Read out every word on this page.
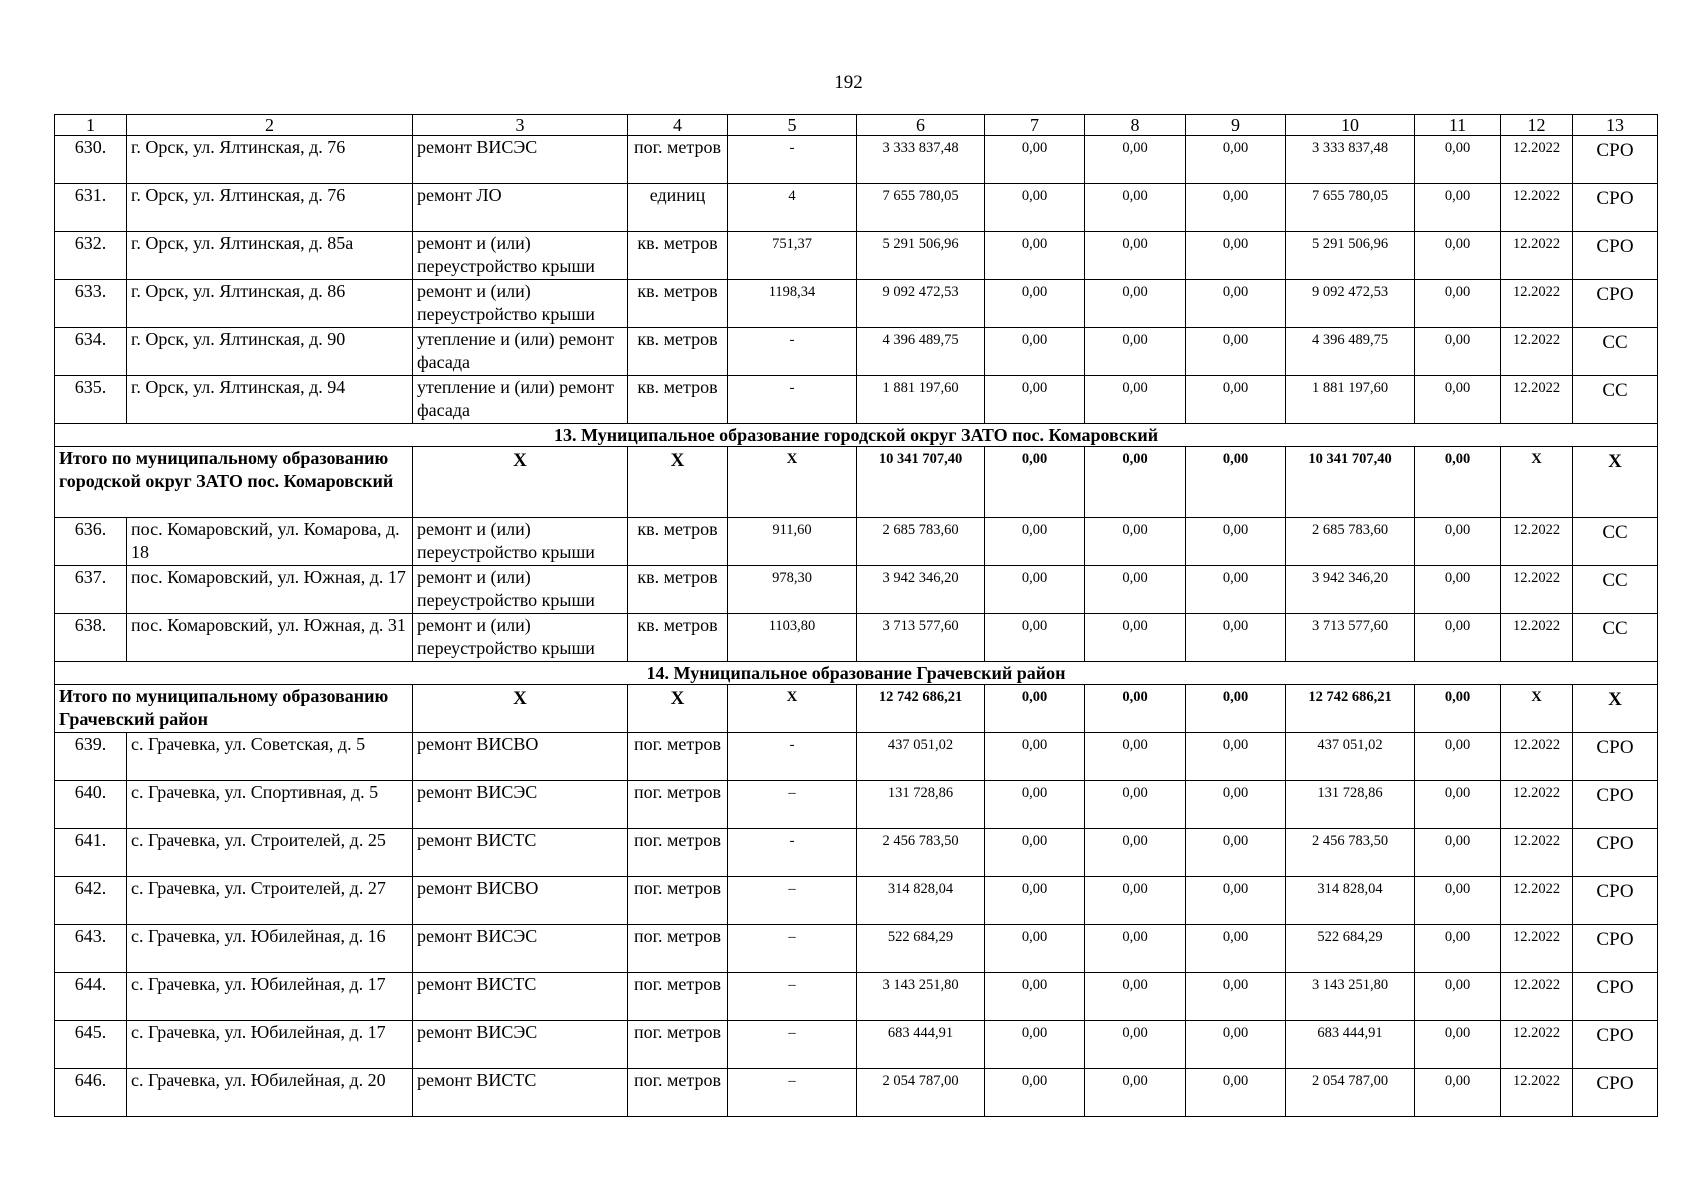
192
1	2	3	4	5	6	7	8	9	10	11	12	13
630.	г. Орск, ул. Ялтинская, д. 76	ремонт ВИСЭС	пог. метров	-	3 333 837,48	0,00	0,00	0,00	3 333 837,48	0,00	12.2022	СРО
631.	г. Орск, ул. Ялтинская, д. 76	ремонт ЛО	единиц	4	7 655 780,05	0,00	0,00	0,00	7 655 780,05	0,00	12.2022	СРО
632.	г. Орск, ул. Ялтинская, д. 85а	ремонт и (или) переустройство крыши	кв. метров	751,37	5 291 506,96	0,00	0,00	0,00	5 291 506,96	0,00	12.2022	СРО
633.	г. Орск, ул. Ялтинская, д. 86	ремонт и (или) переустройство крыши	кв. метров	1198,34	9 092 472,53	0,00	0,00	0,00	9 092 472,53	0,00	12.2022	СРО
634.	г. Орск, ул. Ялтинская, д. 90	утепление и (или) ремонт фасада	кв. метров	-	4 396 489,75	0,00	0,00	0,00	4 396 489,75	0,00	12.2022	СС
635.	г. Орск, ул. Ялтинская, д. 94	утепление и (или) ремонт фасада	кв. метров	-	1 881 197,60	0,00	0,00	0,00	1 881 197,60	0,00	12.2022	СС
13. Муниципальное образование городской округ ЗАТО пос. Комаровский												
Итого по муниципальному образованию городской округ ЗАТО пос. Комаровский		Х	Х	Х	10 341 707,40	0,00	0,00	0,00	10 341 707,40	0,00	Х	Х
636.	пос. Комаровский, ул. Комарова, д. 18	ремонт и (или) переустройство крыши	кв. метров	911,60	2 685 783,60	0,00	0,00	0,00	2 685 783,60	0,00	12.2022	СС
637.	пос. Комаровский, ул. Южная, д. 17	ремонт и (или) переустройство крыши	кв. метров	978,30	3 942 346,20	0,00	0,00	0,00	3 942 346,20	0,00	12.2022	СС
638.	пос. Комаровский, ул. Южная, д. 31	ремонт и (или) переустройство крыши	кв. метров	1103,80	3 713 577,60	0,00	0,00	0,00	3 713 577,60	0,00	12.2022	СС
14. Муниципальное образование Грачевский район												
Итого по муниципальному образованию Грачевский район		Х	Х	Х	12 742 686,21	0,00	0,00	0,00	12 742 686,21	0,00	Х	Х
639.	с. Грачевка, ул. Советская, д. 5	ремонт ВИСВО	пог. метров	-	437 051,02	0,00	0,00	0,00	437 051,02	0,00	12.2022	СРО
640.	с. Грачевка, ул. Спортивная, д. 5	ремонт ВИСЭС	пог. метров	–	131 728,86	0,00	0,00	0,00	131 728,86	0,00	12.2022	СРО
641.	с. Грачевка, ул. Строителей, д. 25	ремонт ВИСТС	пог. метров	-	2 456 783,50	0,00	0,00	0,00	2 456 783,50	0,00	12.2022	СРО
642.	с. Грачевка, ул. Строителей, д. 27	ремонт ВИСВО	пог. метров	–	314 828,04	0,00	0,00	0,00	314 828,04	0,00	12.2022	СРО
643.	с. Грачевка, ул. Юбилейная, д. 16	ремонт ВИСЭС	пог. метров	–	522 684,29	0,00	0,00	0,00	522 684,29	0,00	12.2022	СРО
644.	с. Грачевка, ул. Юбилейная, д. 17	ремонт ВИСТС	пог. метров	–	3 143 251,80	0,00	0,00	0,00	3 143 251,80	0,00	12.2022	СРО
645.	с. Грачевка, ул. Юбилейная, д. 17	ремонт ВИСЭС	пог. метров	–	683 444,91	0,00	0,00	0,00	683 444,91	0,00	12.2022	СРО
646.	с. Грачевка, ул. Юбилейная, д. 20	ремонт ВИСТС	пог. метров	–	2 054 787,00	0,00	0,00	0,00	2 054 787,00	0,00	12.2022	СРО
